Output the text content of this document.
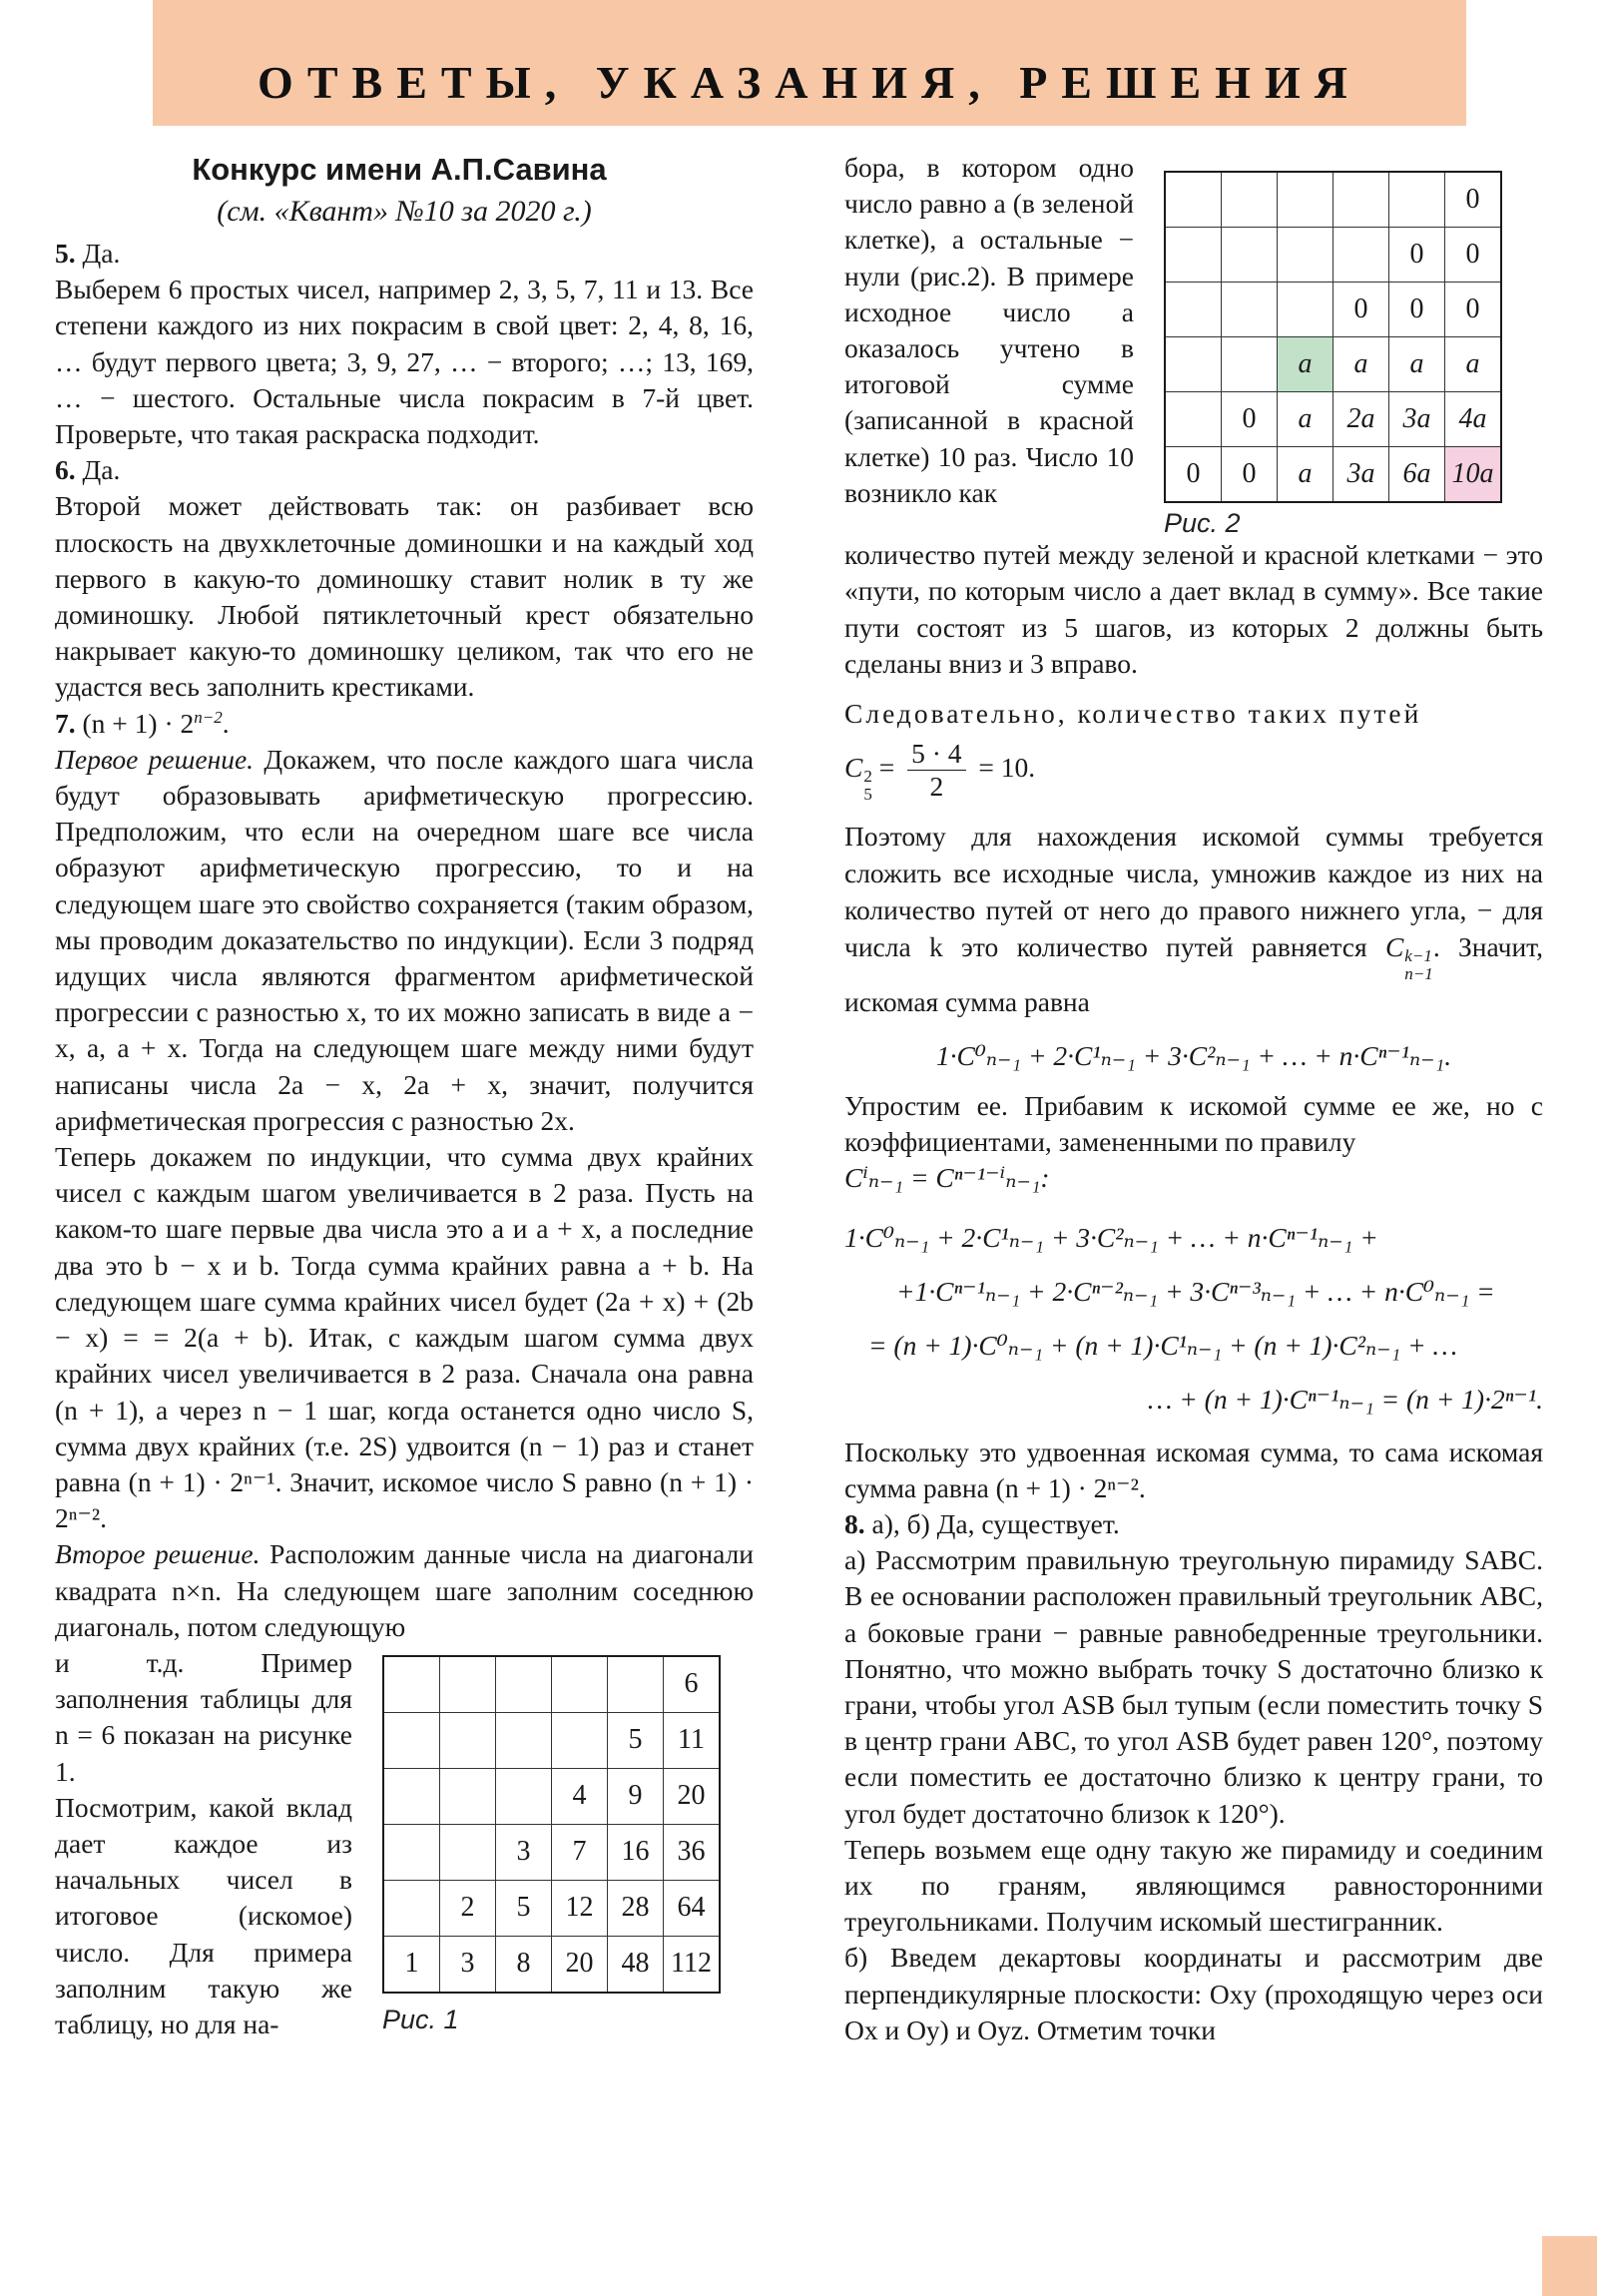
ОТВЕТЫ, УКАЗАНИЯ, РЕШЕНИЯ
Конкурс имени А.П.Савина
(см. «Квант» №10 за 2020 г.)

5. Да.

Выберем 6 простых чисел, например 2, 3, 5, 7, 11 и 13. Все степени каждого из них покрасим в свой цвет: 2, 4, 8, 16, … будут первого цвета; 3, 9, 27, … − второго; …; 13, 169, … − шестого. Остальные числа покрасим в 7-й цвет. Проверьте, что такая раскраска подходит.

6. Да.

Второй может действовать так: он разбивает всю плоскость на двухклеточные доминошки и на каждый ход первого в какую-то доминошку ставит нолик в ту же доминошку. Любой пятиклеточный крест обязательно накрывает какую-то доминошку целиком, так что его не удастся весь заполнить крестиками.

7. $(n + 1) \cdot 2^{n-2}$.

Первое решение. Докажем, что после каждого шага числа будут образовывать арифметическую прогрессию. Предположим, что если на очередном шаге все числа образуют арифметическую прогрессию, то и на следующем шаге это свойство сохраняется (таким образом, мы проводим доказательство по индукции). Если 3 подряд идущих числа являются фрагментом арифметической прогрессии с разностью x, то их можно записать в виде a − x, a, a + x. Тогда на следующем шаге между ними будут написаны числа 2a − x, 2a + x, значит, получится арифметическая прогрессия с разностью 2x.

Теперь докажем по индукции, что сумма двух крайних чисел с каждым шагом увеличивается в 2 раза. Пусть на каком-то шаге первые два числа это a и a + x, а последние два это b − x и b. Тогда сумма крайних равна a + b. На следующем шаге сумма крайних чисел будет (2a + x) + (2b − x) = = 2(a + b). Итак, с каждым шагом сумма двух крайних чисел увеличивается в 2 раза. Сначала она равна (n + 1), а через n − 1 шаг, когда останется одно число S, сумма двух крайних (т.е. 2S) удвоится (n − 1) раз и станет равна (n + 1) · 2ⁿ⁻¹. Значит, искомое число S равно (n + 1) · 2ⁿ⁻².

Второе решение. Расположим данные числа на диагонали квадрата n×n. На следующем шаге заполним соседнюю диагональ, потом следующую

и т.д. Пример заполнения таблицы для n = 6 показан на рисунке 1.

Посмотрим, какой вклад дает каждое из начальных чисел в итоговое (искомое) число. Для примера заполним такую же таблицу, но для на-

					6
				5	11
			4	9	20
		3	7	16	36
	2	5	12	28	64
1	3	8	20	48	112
Рис. 1
бора, в котором одно число равно a (в зеленой клетке), а остальные − нули (рис.2). В примере исходное число a оказалось учтено в итоговой сумме (записанной в красной клетке) 10 раз. Число 10 возникло как
					0
				0	0
			0	0	0
		a	a	a	a
	0	a	2a	3a	4a
0	0	a	3a	6a	10a
Рис. 2

количество путей между зеленой и красной клетками − это «пути, по которым число a дает вклад в сумму». Все такие пути состоят из 5 шагов, из которых 2 должны быть сделаны вниз и 3 вправо.

Следовательно, количество таких путей

C 2
5
= $\frac{5 \cdot 4}{2} = 10$.

Поэтому для нахождения искомой суммы требуется сложить все исходные числа, умножив каждое из них на количество путей от него до правого нижнего угла, − для числа k это количество путей равняется C k−1
n−1
. Значит, искомая сумма равна

1·C⁰ₙ₋₁ + 2·C¹ₙ₋₁ + 3·C²ₙ₋₁ + … + n·Cⁿ⁻¹ₙ₋₁.

Упростим ее. Прибавим к искомой сумме ее же, но с коэффициентами, замененными по правилу

Cⁱₙ₋₁ = Cⁿ⁻¹⁻ⁱₙ₋₁:

1·C⁰ₙ₋₁ + 2·C¹ₙ₋₁ + 3·C²ₙ₋₁ + … + n·Cⁿ⁻¹ₙ₋₁ +
+1·Cⁿ⁻¹ₙ₋₁ + 2·Cⁿ⁻²ₙ₋₁ + 3·Cⁿ⁻³ₙ₋₁ + … + n·C⁰ₙ₋₁ =
= (n + 1)·C⁰ₙ₋₁ + (n + 1)·C¹ₙ₋₁ + (n + 1)·C²ₙ₋₁ + …
… + (n + 1)·Cⁿ⁻¹ₙ₋₁ = (n + 1)·2ⁿ⁻¹.

Поскольку это удвоенная искомая сумма, то сама искомая сумма равна (n + 1) · 2ⁿ⁻².

8. а), б) Да, существует.

а) Рассмотрим правильную треугольную пирамиду SABC. В ее основании расположен правильный треугольник ABC, а боковые грани − равные равнобедренные треугольники. Понятно, что можно выбрать точку S достаточно близко к грани, чтобы угол ASB был тупым (если поместить точку S в центр грани ABC, то угол ASB будет равен 120°, поэтому если поместить ее достаточно близко к центру грани, то угол будет достаточно близок к 120°).

Теперь возьмем еще одну такую же пирамиду и соединим их по граням, являющимся равносторонними треугольниками. Получим искомый шестигранник.

б) Введем декартовы координаты и рассмотрим две перпендикулярные плоскости: Oxy (проходящую через оси Ox и Oy) и Oyz. Отметим точки
